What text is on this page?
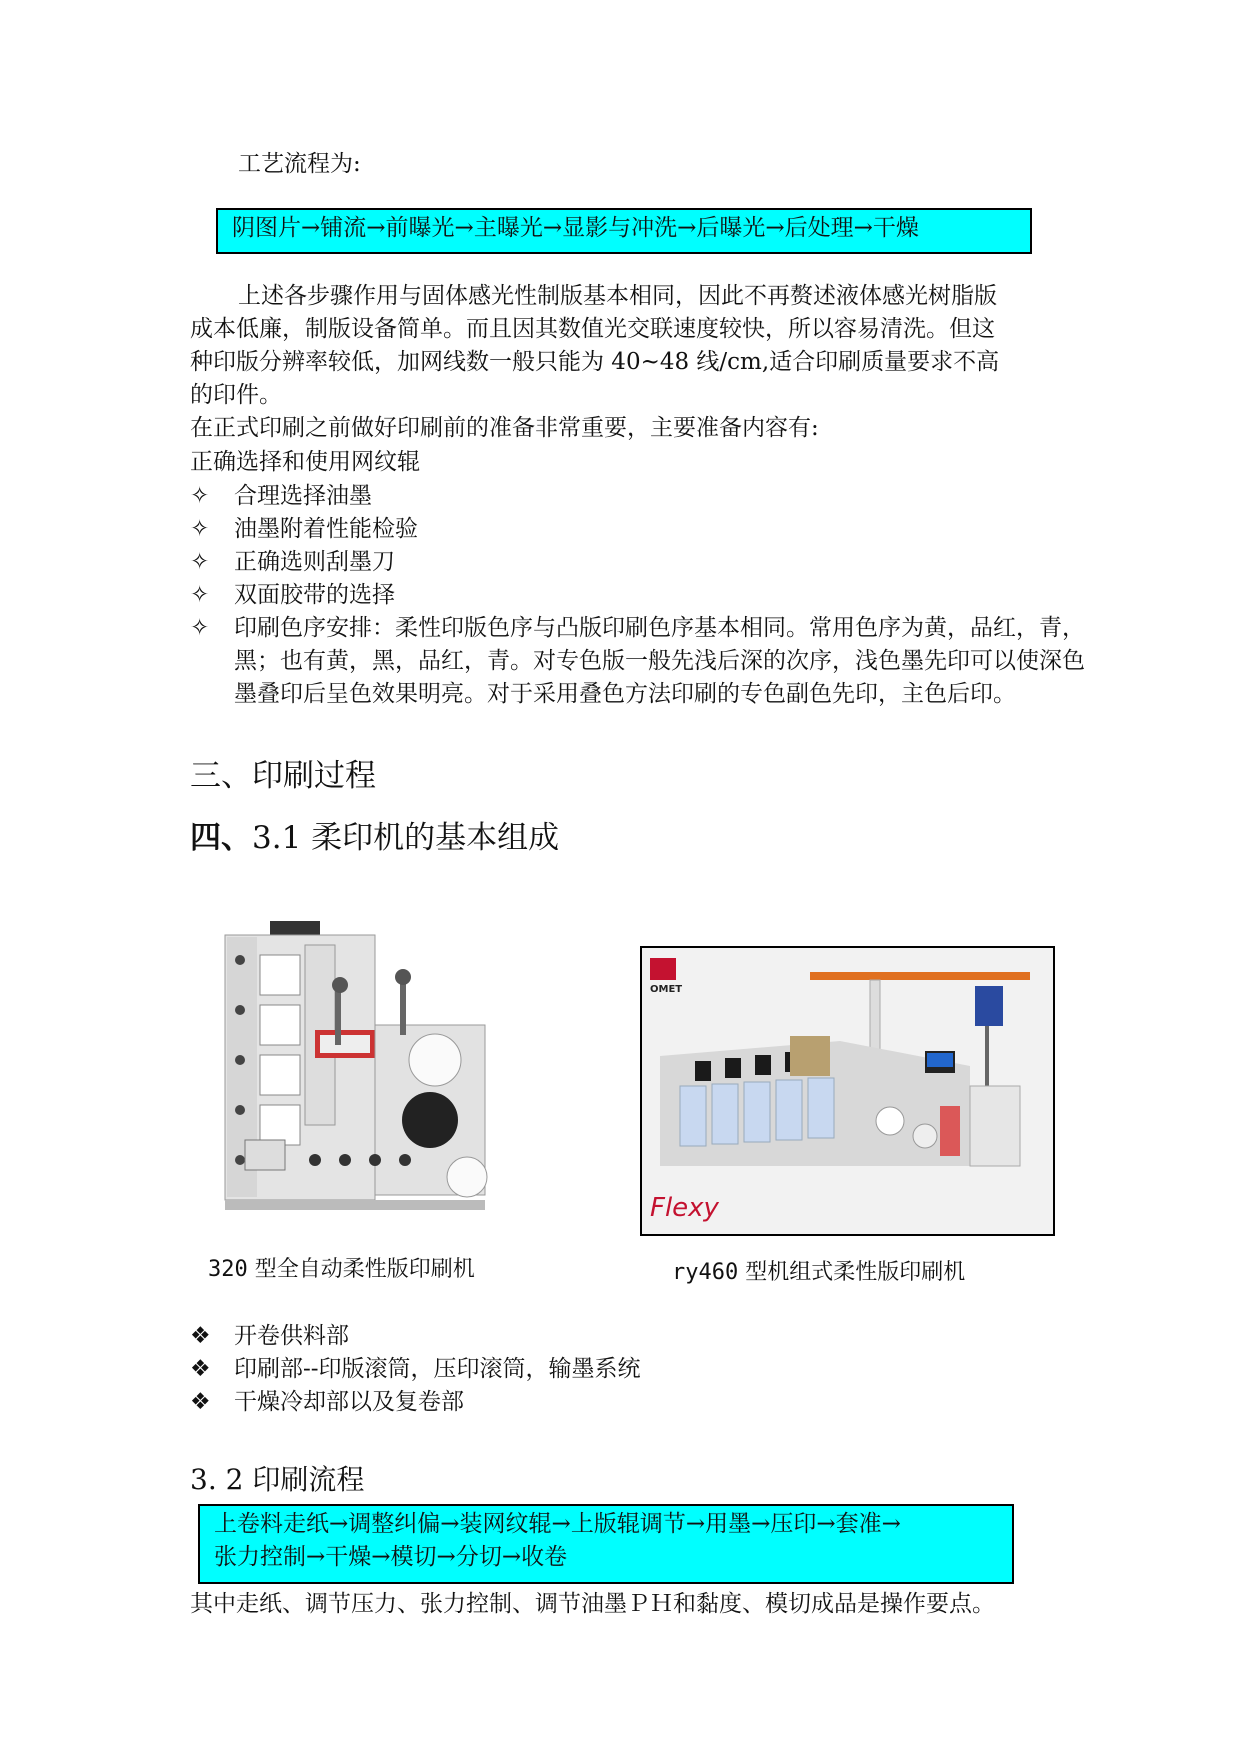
工艺流程为:
阴图片→铺流→前曝光→主曝光→显影与冲洗→后曝光→后处理→干燥
上述各步骤作用与固体感光性制版基本相同，因此不再赘述液体感光树脂版
成本低廉，制版设备简单。而且因其数值光交联速度较快，所以容易清洗。但这
种印版分辨率较低，加网线数一般只能为 40~48 线/cm,适合印刷质量要求不高
的印件。
在正式印刷之前做好印刷前的准备非常重要，主要准备内容有:
正确选择和使用网纹辊
✧	合理选择油墨
✧	油墨附着性能检验
✧	正确选则刮墨刀
✧	双面胶带的选择
✧	印刷色序安排：柔性印版色序与凸版印刷色序基本相同。常用色序为黄，品红，青，黑；也有黄，黑，品红，青。对专色版一般先浅后深的次序，浅色墨先印可以使深色墨叠印后呈色效果明亮。对于采用叠色方法印刷的专色副色先印，主色后印。
三、印刷过程
四、3.1 柔印机的基本组成
OMET
Flexy
320 型全自动柔性版印刷机	ry460 型机组式柔性版印刷机
❖	开卷供料部
❖	印刷部--印版滚筒，压印滚筒，输墨系统
❖	干燥冷却部以及复卷部
3. 2 印刷流程
上卷料走纸→调整纠偏→装网纹辊→上版辊调节→用墨→压印→套准→
张力控制→干燥→模切→分切→收卷
其中走纸、调节压力、张力控制、调节油墨ＰＨ和黏度、模切成品是操作要点。
